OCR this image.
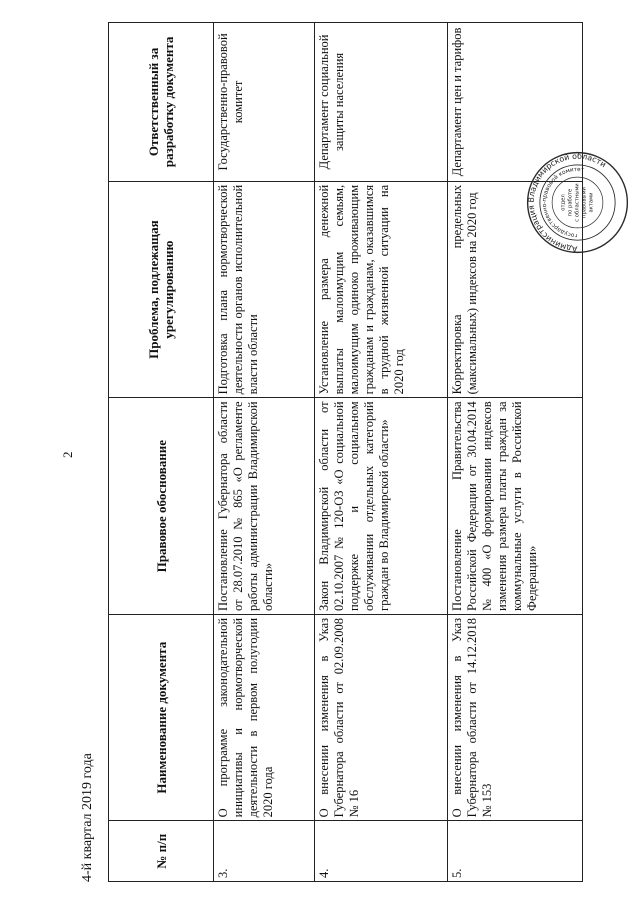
2
4-й квартал 2019 года	№ п/п	Наименование документа	Правовое обоснование	Проблема, подлежащая урегулированию	Ответственный за разработку документа
3.	О программе законодательной инициативы и нормотворческой деятельности в первом полугодии 2020 года	Постановление Губернатора области от 28.07.2010 № 865 «О регламенте работы администрации Владимирской области»	Подготовка плана нормотворческой деятельности органов исполнительной власти области	Государственно-правовой комитет
4.	О внесении изменения в Указ Губернатора области от 02.09.2008 № 16	Закон Владимирской области от 02.10.2007 № 120-ОЗ «О социальной поддержке и социальном обслуживании отдельных категорий граждан во Владимирской области»	Установление размера денежной выплаты малоимущим семьям, малоимущим одиноко проживающим гражданам и гражданам, оказавшимся в трудной жизненной ситуации на 2020 год	Департамент социальной защиты населения
5.	О внесении изменения в Указ Губернатора области от 14.12.2018 № 153	Постановление Правительства Российской Федерации от 30.04.2014 № 400 «О формировании индексов изменения размера платы граждан за коммунальные услуги в Российской Федерации»	Корректировка предельных (максимальных) индексов на 2020 год	Департамент цен и тарифов
Администрация Владимирской области
государственно-правовой комитет
отдел по работе с областными правовыми актами
